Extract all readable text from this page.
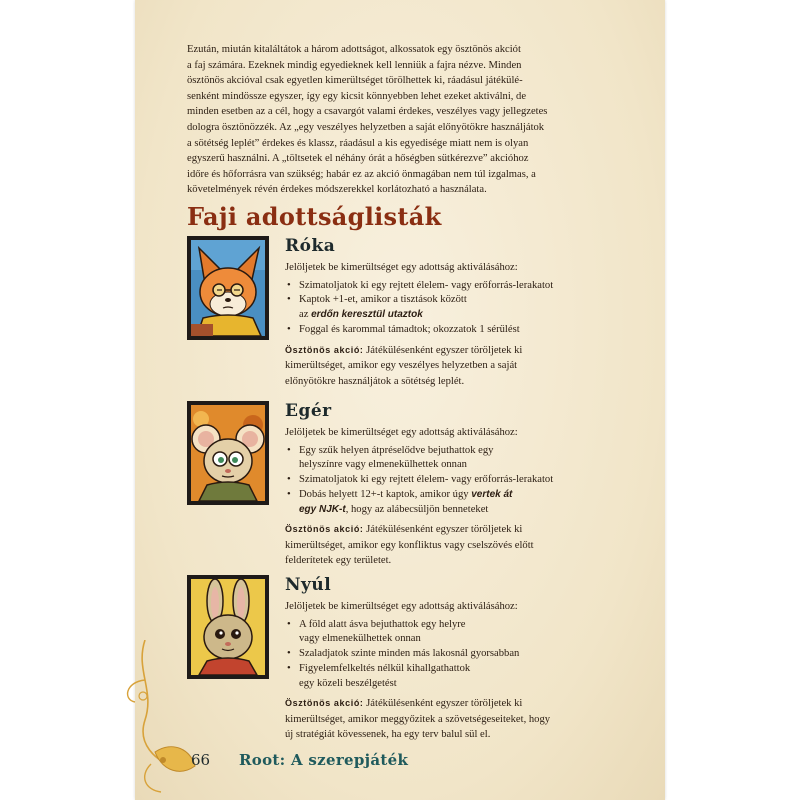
Ezután, miután kitaláltátok a három adottságot, alkossatok egy ösztönös akciót
a faj számára. Ezeknek mindig egyedieknek kell lenniük a fajra nézve. Minden
ösztönös akcióval csak egyetlen kimerültséget törölhettek ki, ráadásul játékülé-
senként mindössze egyszer, így egy kicsit könnyebben lehet ezeket aktiválni, de
minden esetben az a cél, hogy a csavargót valami érdekes, veszélyes vagy jellegzetes
dologra ösztönözzék. Az „egy veszélyes helyzetben a saját előnyötökre használjátok
a sötétség leplét” érdekes és klassz, ráadásul a kis egyedisége miatt nem is olyan
egyszerű használni. A „töltsetek el néhány órát a hőségben sütkérezve” akcióhoz
időre és hőforrásra van szükség; habár ez az akció önmagában nem túl izgalmas, a
követelmények révén érdekes módszerekkel korlátozható a használata.
Faji adottságlisták
Róka
Jelöljetek be kimerültséget egy adottság aktiválásához:
• Szimatoljatok ki egy rejtett élelem- vagy erőforrás-lerakatot
• Kaptok +1-et, amikor a tisztások között
az erdőn keresztül utaztok
• Foggal és karommal támadtok; okozzatok 1 sérülést
Ösztönös akció: Játékülésenként egyszer töröljetek ki
kimerültséget, amikor egy veszélyes helyzetben a saját
előnyötökre használjátok a sötétség leplét.
Egér
Jelöljetek be kimerültséget egy adottság aktiválásához:
• Egy szűk helyen átpréselődve bejuthattok egy
helyszínre vagy elmenekülhettek onnan
• Szimatoljatok ki egy rejtett élelem- vagy erőforrás-lerakatot
• Dobás helyett 12+-t kaptok, amikor úgy vertek át
egy NJK-t, hogy az alábecsüljön benneteket
Ösztönös akció: Játékülésenként egyszer töröljetek ki
kimerültséget, amikor egy konfliktus vagy cselszövés előtt
felderítetek egy területet.
Nyúl
Jelöljetek be kimerültséget egy adottság aktiválásához:
• A föld alatt ásva bejuthattok egy helyre
vagy elmenekülhettek onnan
• Szaladjatok szinte minden más lakosnál gyorsabban
• Figyelemfelkeltés nélkül kihallgathattok
egy közeli beszélgetést
Ösztönös akció: Játékülésenként egyszer töröljetek ki
kimerültséget, amikor meggyőzitek a szövetségeseiteket, hogy
új stratégiát kövessenek, ha egy terv balul sül el.
66 Root: A szerepjáték
